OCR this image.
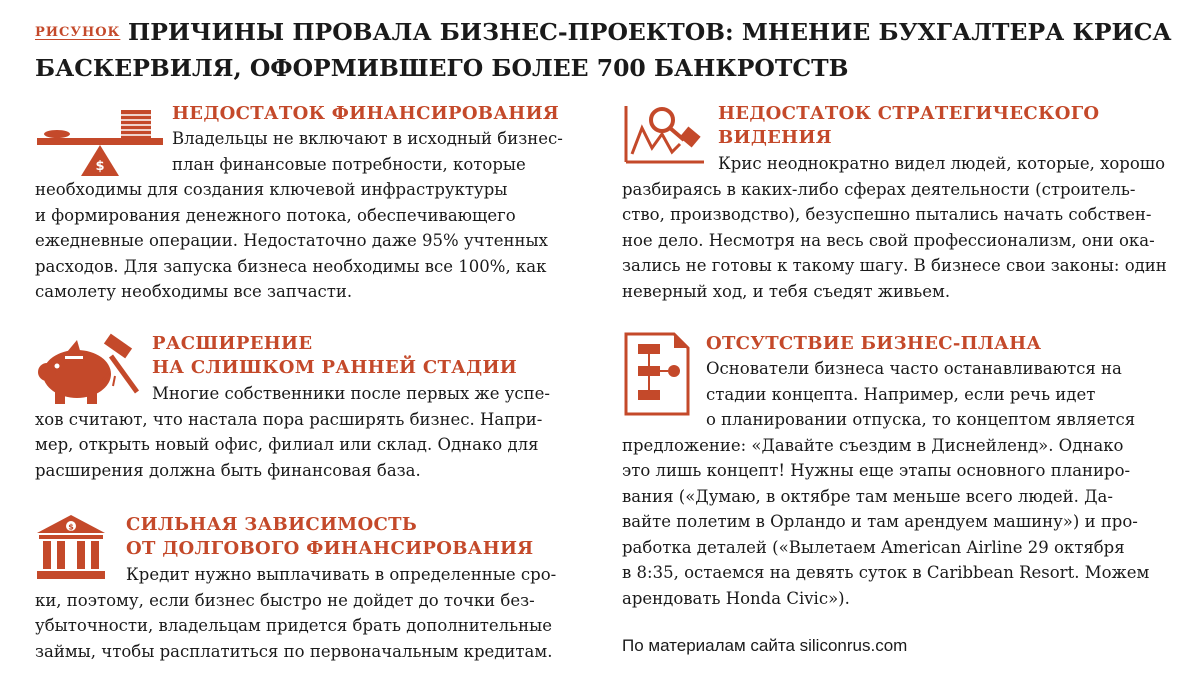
РИСУНОК ПРИЧИНЫ ПРОВАЛА БИЗНЕС-ПРОЕКТОВ: МНЕНИЕ БУХГАЛТЕРА КРИСА БАСКЕРВИЛЯ, ОФОРМИВШЕГО БОЛЕЕ 700 БАНКРОТСТВ
$
НЕДОСТАТОК ФИНАНСИРОВАНИЯ

Владельцы не включают в исходный бизнес-
план финансовые потребности, которые
необходимы для создания ключевой инфраструктуры
и формирования денежного потока, обеспечивающего
ежедневные операции. Недостаточно даже 95% учтенных
расходов. Для запуска бизнеса необходимы все 100%, как
самолету необходимы все запчасти.

РАСШИРЕНИЕ
НА СЛИШКОМ РАННЕЙ СТАДИИ

Многие собственники после первых же успе-
хов считают, что настала пора расширять бизнес. Напри-
мер, открыть новый офис, филиал или склад. Однако для
расширения должна быть финансовая база.

$	СИЛЬНАЯ ЗАВИСИМОСТЬ
ОТ ДОЛГОВОГО ФИНАНСИРОВАНИЯ

Кредит нужно выплачивать в определенные сро-
ки, поэтому, если бизнес быстро не дойдет до точки без-
убыточности, владельцам придется брать дополнительные
займы, чтобы расплатиться по первоначальным кредитам.

НЕДОСТАТОК СТРАТЕГИЧЕСКОГО
ВИДЕНИЯ

Крис неоднократно видел людей, которые, хорошо
разбираясь в каких-либо сферах деятельности (строитель-
ство, производство), безуспешно пытались начать собствен-
ное дело. Несмотря на весь свой профессионализм, они ока-
зались не готовы к такому шагу. В бизнесе свои законы: один
неверный ход, и тебя съедят живьем.

ОТСУТСТВИЕ БИЗНЕС-ПЛАНА

Основатели бизнеса часто останавливаются на
стадии концепта. Например, если речь идет
о планировании отпуска, то концептом является
предложение: «Давайте съездим в Диснейленд». Однако
это лишь концепт! Нужны еще этапы основного планиро-
вания («Думаю, в октябре там меньше всего людей. Да-
вайте полетим в Орландо и там арендуем машину») и про-
работка деталей («Вылетаем American Airline 29 октября
в 8:35, остаемся на девять суток в Caribbean Resort. Можем
арендовать Honda Civic»).

По материалам сайта siliconrus.com
